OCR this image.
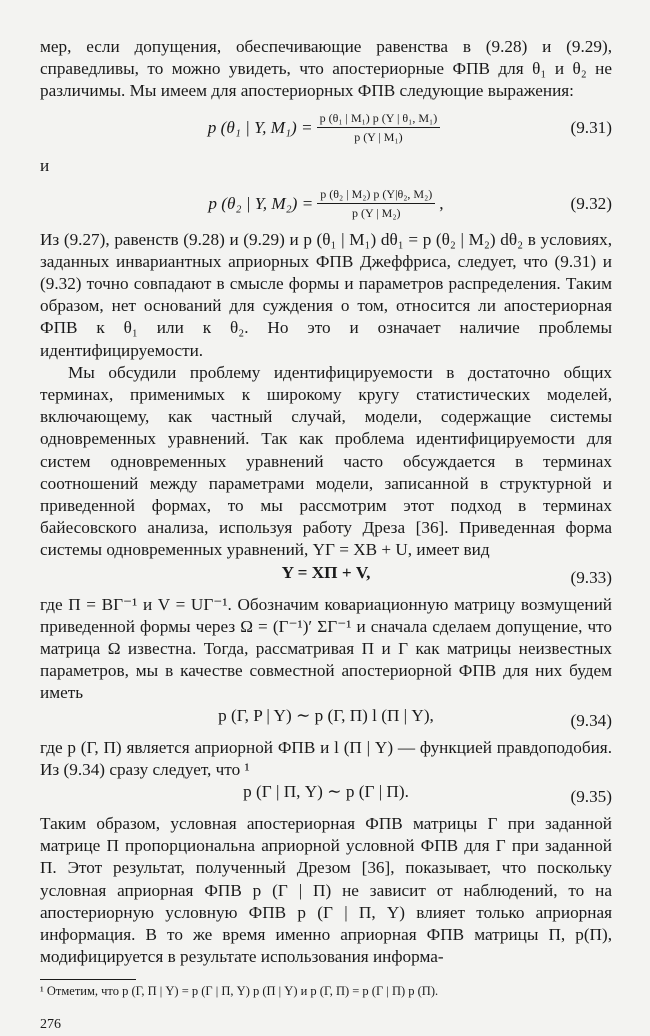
мер, если допущения, обеспечивающие равенства в (9.28) и (9.29), справедливы, то можно увидеть, что апостериорные ФПВ для θ₁ и θ₂ не различимы. Мы имеем для апостериорных ФПВ следующие выражения:

p (θ₁ | Y, $M_1) = \frac{\text{p (θ₁ | M₁) p (Y | θ₁, M₁)}}{\text{p (Y | M₁)}}$	(9.31)

и

p (θ₂ | Y, $M_2) = \frac{\text{p (θ₂ | M₂) p (Y|θ₂, M₂)}}{\text{p (Y | M₂)}}$ ,	(9.32)

Из (9.27), равенств (9.28) и (9.29) и p (θ₁ | M₁) dθ₁ = p (θ₂ | M₂) dθ₂ в условиях, заданных инвариантных априорных ФПВ Джеффриса, следует, что (9.31) и (9.32) точно совпадают в смысле формы и параметров распределения. Таким образом, нет оснований для суждения о том, относится ли апостериорная ФПВ к θ₁ или к θ₂. Но это и означает наличие проблемы идентифицируемости.

Мы обсудили проблему идентифицируемости в достаточно общих терминах, применимых к широкому кругу статистических моделей, включающему, как частный случай, модели, содержащие системы одновременных уравнений. Так как проблема идентифицируемости для систем одновременных уравнений часто обсуждается в терминах соотношений между параметрами модели, записанной в структурной и приведенной формах, то мы рассмотрим этот подход в терминах байесовского анализа, используя работу Дреза [36]. Приведенная форма системы одновременных уравнений, YΓ = XB + U, имеет вид

Y = XΠ + V,	(9.33)

где Π = BΓ⁻¹ и V = UΓ⁻¹. Обозначим ковариационную матрицу возмущений приведенной формы через Ω = (Γ⁻¹)′ ΣΓ⁻¹ и сначала сделаем допущение, что матрица Ω известна. Тогда, рассматривая Π и Γ как матрицы неизвестных параметров, мы в качестве совместной апостериорной ФПВ для них будем иметь

p (Γ, P | Y) ∼ p (Γ, Π) l (Π | Y),	(9.34)

где p (Γ, Π) является априорной ФПВ и l (Π | Y) — функцией правдоподобия. Из (9.34) сразу следует, что ¹

p (Γ | Π, Y) ∼ p (Γ | Π).	(9.35)

Таким образом, условная апостериорная ФПВ матрицы Γ при заданной матрице Π пропорциональна априорной условной ФПВ для Γ при заданной Π. Этот результат, полученный Дрезом [36], показывает, что поскольку условная априорная ФПВ p (Γ | Π) не зависит от наблюдений, то на апостериорную условную ФПВ p (Γ | Π, Y) влияет только априорная информация. В то же время именно априорная ФПВ матрицы Π, p(Π), модифицируется в результате использования информа-

¹ Отметим, что p (Γ, Π | Y) = p (Γ | Π, Y) p (Π | Y) и p (Γ, Π) = p (Γ | Π) p (Π).

276
